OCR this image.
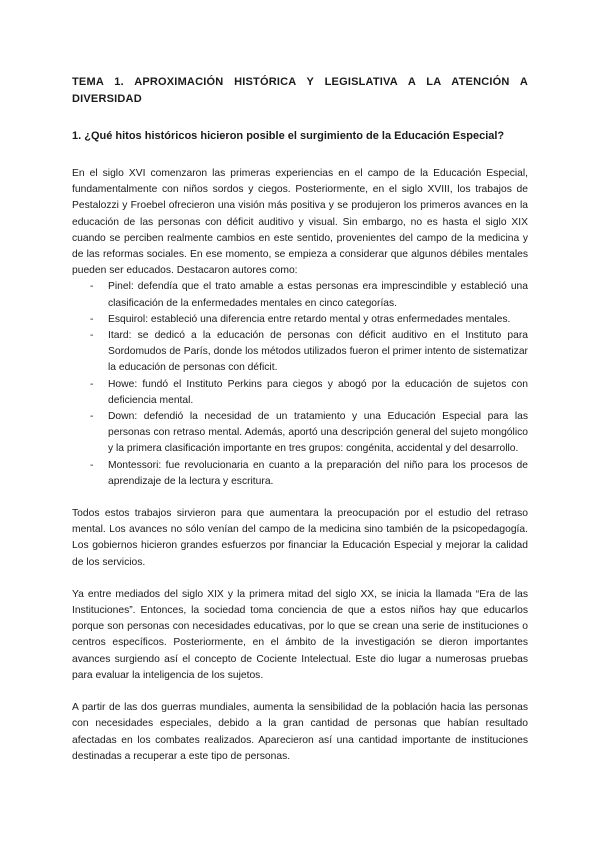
TEMA 1. APROXIMACIÓN HISTÓRICA Y LEGISLATIVA A LA ATENCIÓN A DIVERSIDAD
1. ¿Qué hitos históricos hicieron posible el surgimiento de la Educación Especial?

En el siglo XVI comenzaron las primeras experiencias en el campo de la Educación Especial, fundamentalmente con niños sordos y ciegos. Posteriormente, en el siglo XVIII, los trabajos de Pestalozzi y Froebel ofrecieron una visión más positiva y se produjeron los primeros avances en la educación de las personas con déficit auditivo y visual. Sin embargo, no es hasta el siglo XIX cuando se perciben realmente cambios en este sentido, provenientes del campo de la medicina y de las reformas sociales. En ese momento, se empieza a considerar que algunos débiles mentales pueden ser educados. Destacaron autores como:

- Pinel: defendía que el trato amable a estas personas era imprescindible y estableció una clasificación de la enfermedades mentales en cinco categorías.
- Esquirol: estableció una diferencia entre retardo mental y otras enfermedades mentales.
- Itard: se dedicó a la educación de personas con déficit auditivo en el Instituto para Sordomudos de París, donde los métodos utilizados fueron el primer intento de sistematizar la educación de personas con déficit.
- Howe: fundó el Instituto Perkins para ciegos y abogó por la educación de sujetos con deficiencia mental.
- Down: defendió la necesidad de un tratamiento y una Educación Especial para las personas con retraso mental. Además, aportó una descripción general del sujeto mongólico y la primera clasificación importante en tres grupos: congénita, accidental y del desarrollo.
- Montessori: fue revolucionaria en cuanto a la preparación del niño para los procesos de aprendizaje de la lectura y escritura.

Todos estos trabajos sirvieron para que aumentara la preocupación por el estudio del retraso mental. Los avances no sólo venían del campo de la medicina sino también de la psicopedagogía. Los gobiernos hicieron grandes esfuerzos por financiar la Educación Especial y mejorar la calidad de los servicios.

Ya entre mediados del siglo XIX y la primera mitad del siglo XX, se inicia la llamada “Era de las Instituciones”. Entonces, la sociedad toma conciencia de que a estos niños hay que educarlos porque son personas con necesidades educativas, por lo que se crean una serie de instituciones o centros específicos. Posteriormente, en el ámbito de la investigación se dieron importantes avances surgiendo así el concepto de Cociente Intelectual. Este dio lugar a numerosas pruebas para evaluar la inteligencia de los sujetos.

A partir de las dos guerras mundiales, aumenta la sensibilidad de la población hacia las personas con necesidades especiales, debido a la gran cantidad de personas que habían resultado afectadas en los combates realizados. Aparecieron así una cantidad importante de instituciones destinadas a recuperar a este tipo de personas.
